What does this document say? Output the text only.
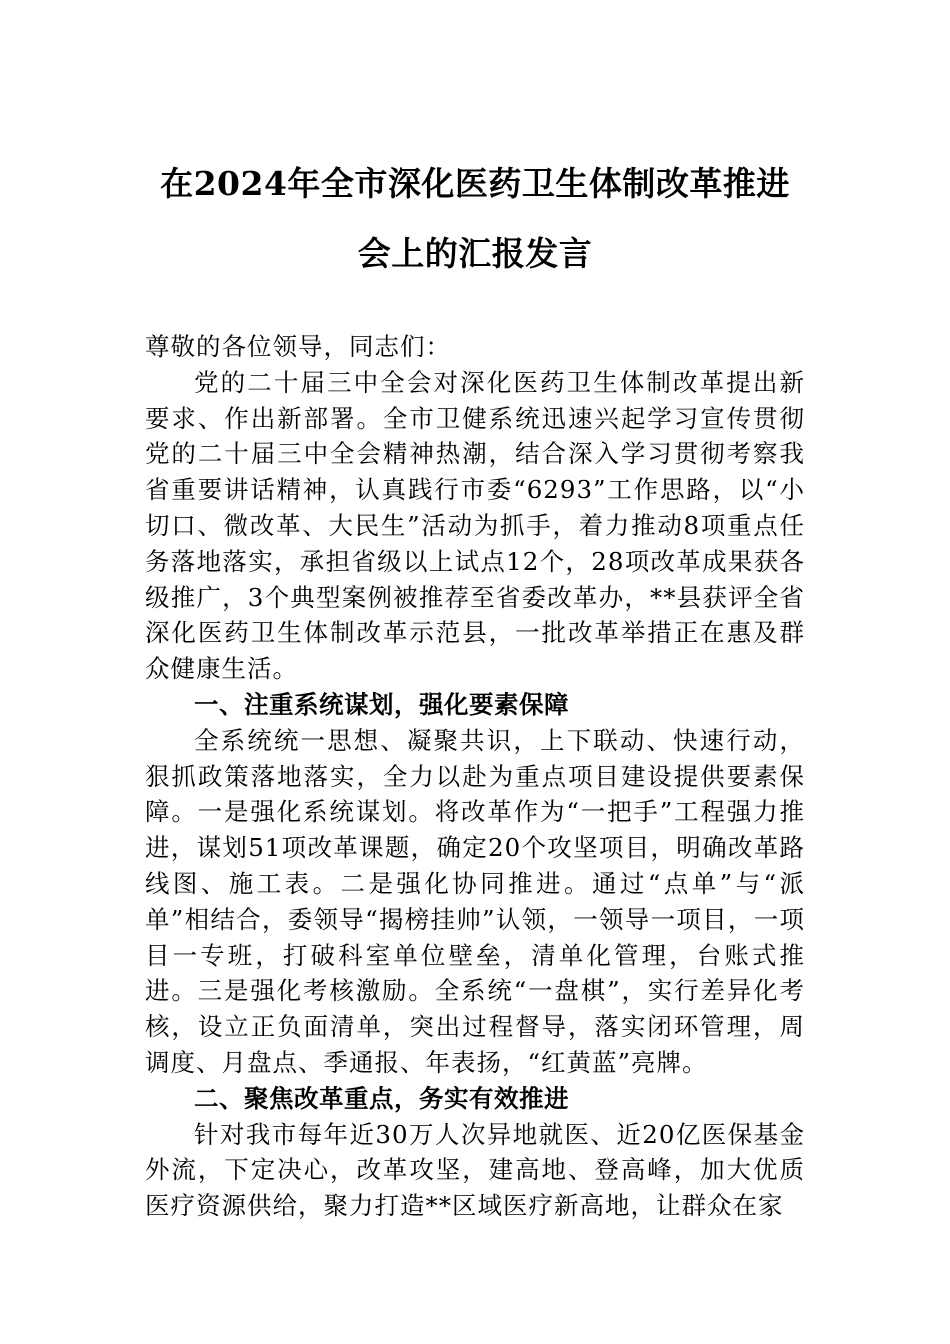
在2024年全市深化医药卫生体制改革推进
会上的汇报发言

尊敬的各位领导，同志们：

党的二十届三中全会对深化医药卫生体制改革提出新要求、作出新部署。全市卫健系统迅速兴起学习宣传贯彻党的二十届三中全会精神热潮，结合深入学习贯彻考察我省重要讲话精神，认真践行市委“6293”工作思路，以“小切口、微改革、大民生”活动为抓手，着力推动8项重点任务落地落实，承担省级以上试点12个，28项改革成果获各级推广，3个典型案例被推荐至省委改革办，**县获评全省深化医药卫生体制改革示范县，一批改革举措正在惠及群众健康生活。

一、注重系统谋划，强化要素保障

全系统统一思想、凝聚共识，上下联动、快速行动，狠抓政策落地落实，全力以赴为重点项目建设提供要素保障。一是强化系统谋划。将改革作为“一把手”工程强力推进，谋划51项改革课题，确定20个攻坚项目，明确改革路线图、施工表。二是强化协同推进。通过“点单”与“派单”相结合，委领导“揭榜挂帅”认领，一领导一项目，一项目一专班，打破科室单位壁垒，清单化管理，台账式推进。三是强化考核激励。全系统“一盘棋”，实行差异化考核，设立正负面清单，突出过程督导，落实闭环管理，周调度、月盘点、季通报、年表扬，“红黄蓝”亮牌。

二、聚焦改革重点，务实有效推进

针对我市每年近30万人次异地就医、近20亿医保基金外流，下定决心，改革攻坚，建高地、登高峰，加大优质医疗资源供给，聚力打造**区域医疗新高地，让群众在家
